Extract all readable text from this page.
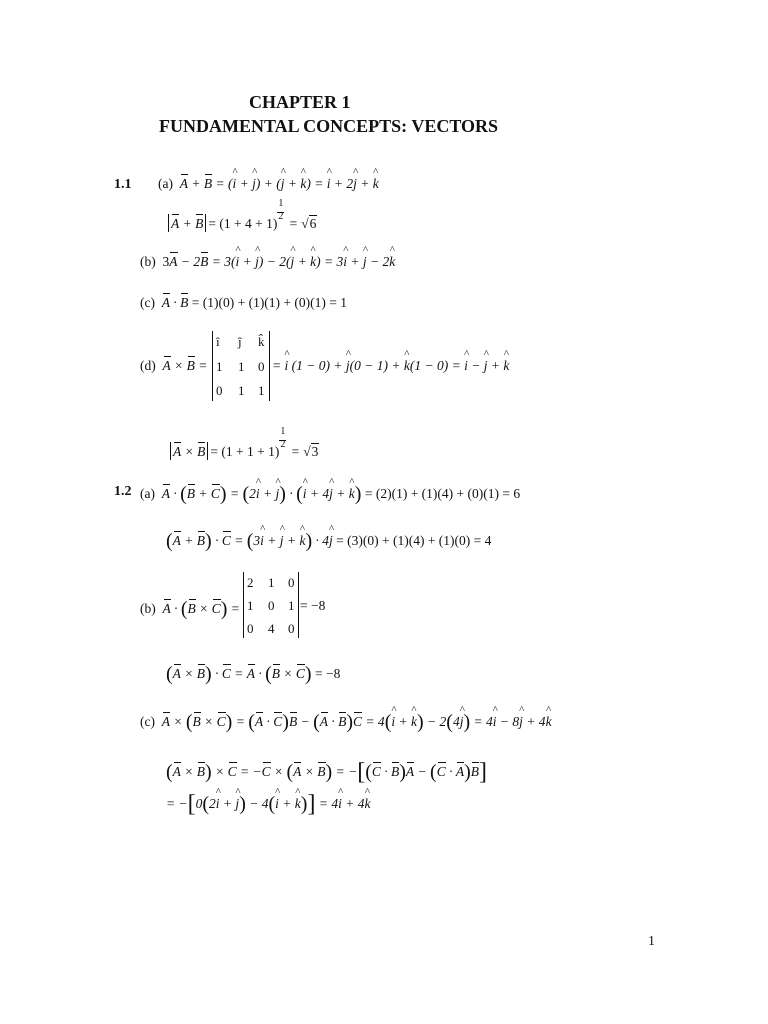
CHAPTER 1
FUNDAMENTAL CONCEPTS: VECTORS
1.1 (a) A + B = (^ i + ^ j) + (^ j + ^ k) = ^ i + 2^ j + ^ k
A + B = (1 + 4 + 1)
$\frac{1}{2}$
= √6
(b) 3A − 2B = 3(^ i + ^ j) − 2(^ j + ^ k) = 3^ i + ^ j − 2^ k
(c) A · B = (1)(0) + (1)(1) + (0)(1) = 1
(d) A × B =
î ĵ k̂
1 1 0
0 1 1
= ^ i (1 − 0) + ^ j(0 − 1) + ^ k(1 − 0) = ^ i − ^ j + ^ k
A × B = (1 + 1 + 1)
$\frac{1}{2}$
= √3
1.2 (a) A · (B + C) = (2^ i + ^ j) · (^ i + 4^ j + ^ k) = (2)(1) + (1)(4) + (0)(1) = 6
(A + B) · C = (3^ i + ^ j + ^ k) · 4^ j = (3)(0) + (1)(4) + (1)(0) = 4
(b) A · (B × C) =
2 1 0
1 0 1
0 4 0
= −8
(A × B) · C = A · (B × C) = −8
(c) A × (B × C) = (A · C)B − (A · B)C = 4(^ i + ^ k) − 2(4^ j) = 4^ i − 8^ j + 4^ k
(A × B) × C = −C × (A × B) = −[(C · B)A − (C · A)B]
= −[0(2^ i + ^ j) − 4(^ i + ^ k)] = 4^ i + 4^ k
1
